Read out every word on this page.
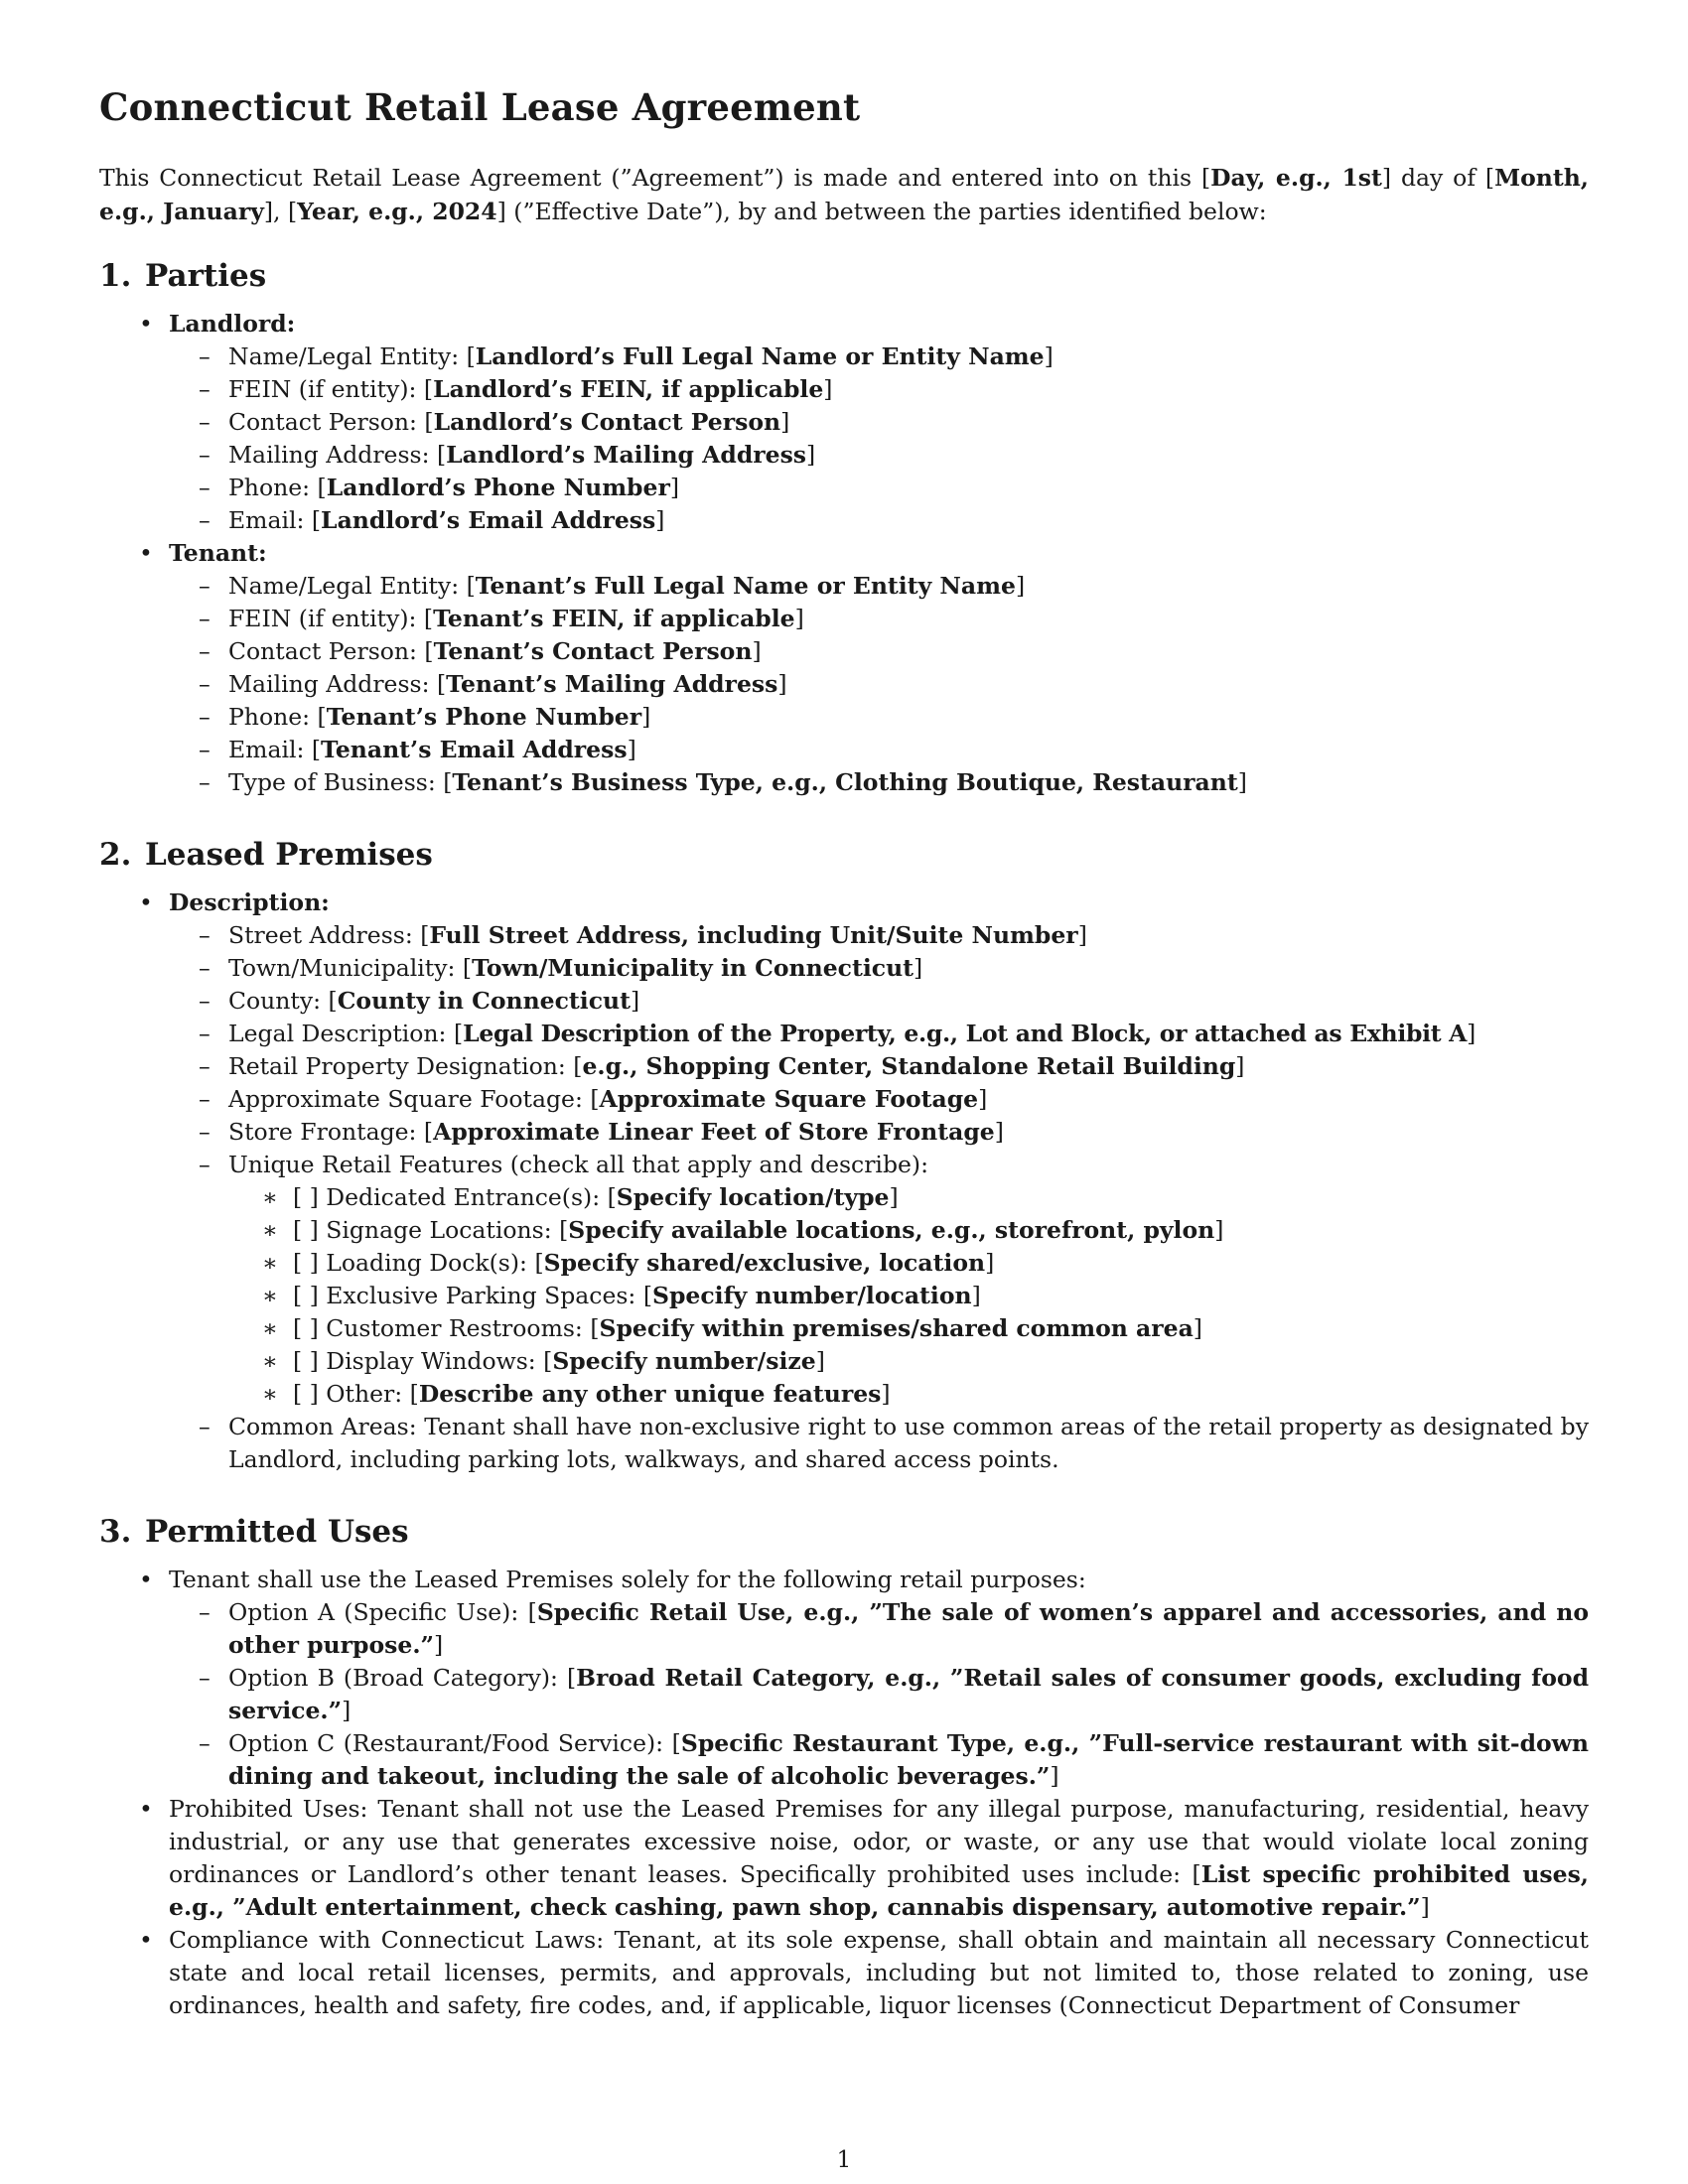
Connecticut Retail Lease Agreement

This Connecticut Retail Lease Agreement (”Agreement”) is made and entered into on this [Day, e.g., 1st] day of [Month, e.g., January], [Year, e.g., 2024] (”Effective Date”), by and between the parties identified below:

1. Parties
• Landlord:
– Name/Legal Entity: [Landlord’s Full Legal Name or Entity Name]
– FEIN (if entity): [Landlord’s FEIN, if applicable]
– Contact Person: [Landlord’s Contact Person]
– Mailing Address: [Landlord’s Mailing Address]
– Phone: [Landlord’s Phone Number]
– Email: [Landlord’s Email Address]
• Tenant:
– Name/Legal Entity: [Tenant’s Full Legal Name or Entity Name]
– FEIN (if entity): [Tenant’s FEIN, if applicable]
– Contact Person: [Tenant’s Contact Person]
– Mailing Address: [Tenant’s Mailing Address]
– Phone: [Tenant’s Phone Number]
– Email: [Tenant’s Email Address]
– Type of Business: [Tenant’s Business Type, e.g., Clothing Boutique, Restaurant]
2. Leased Premises
• Description:
– Street Address: [Full Street Address, including Unit/Suite Number]
– Town/Municipality: [Town/Municipality in Connecticut]
– County: [County in Connecticut]
– Legal Description: [Legal Description of the Property, e.g., Lot and Block, or attached as Exhibit A]
– Retail Property Designation: [e.g., Shopping Center, Standalone Retail Building]
– Approximate Square Footage: [Approximate Square Footage]
– Store Frontage: [Approximate Linear Feet of Store Frontage]
– Unique Retail Features (check all that apply and describe):
∗ [ ] Dedicated Entrance(s): [Specify location/type]
∗ [ ] Signage Locations: [Specify available locations, e.g., storefront, pylon]
∗ [ ] Loading Dock(s): [Specify shared/exclusive, location]
∗ [ ] Exclusive Parking Spaces: [Specify number/location]
∗ [ ] Customer Restrooms: [Specify within premises/shared common area]
∗ [ ] Display Windows: [Specify number/size]
∗ [ ] Other: [Describe any other unique features]
– Common Areas: Tenant shall have non-exclusive right to use common areas of the retail property as designated by Landlord, including parking lots, walkways, and shared access points.
3. Permitted Uses
• Tenant shall use the Leased Premises solely for the following retail purposes:
– Option A (Specific Use): [Specific Retail Use, e.g., ”The sale of women’s apparel and accessories, and no other purpose.”]
– Option B (Broad Category): [Broad Retail Category, e.g., ”Retail sales of consumer goods, excluding food service.”]
– Option C (Restaurant/Food Service): [Specific Restaurant Type, e.g., ”Full-service restaurant with sit-down dining and takeout, including the sale of alcoholic beverages.”]
• Prohibited Uses: Tenant shall not use the Leased Premises for any illegal purpose, manufacturing, residential, heavy industrial, or any use that generates excessive noise, odor, or waste, or any use that would violate local zoning ordinances or Landlord’s other tenant leases. Specifically prohibited uses include: [List specific prohibited uses, e.g., ”Adult entertainment, check cashing, pawn shop, cannabis dispensary, automotive repair.”]
• Compliance with Connecticut Laws: Tenant, at its sole expense, shall obtain and maintain all necessary Connecticut state and local retail licenses, permits, and approvals, including but not limited to, those related to zoning, use ordinances, health and safety, fire codes, and, if applicable, liquor licenses (Connecticut Department of Consumer
1
